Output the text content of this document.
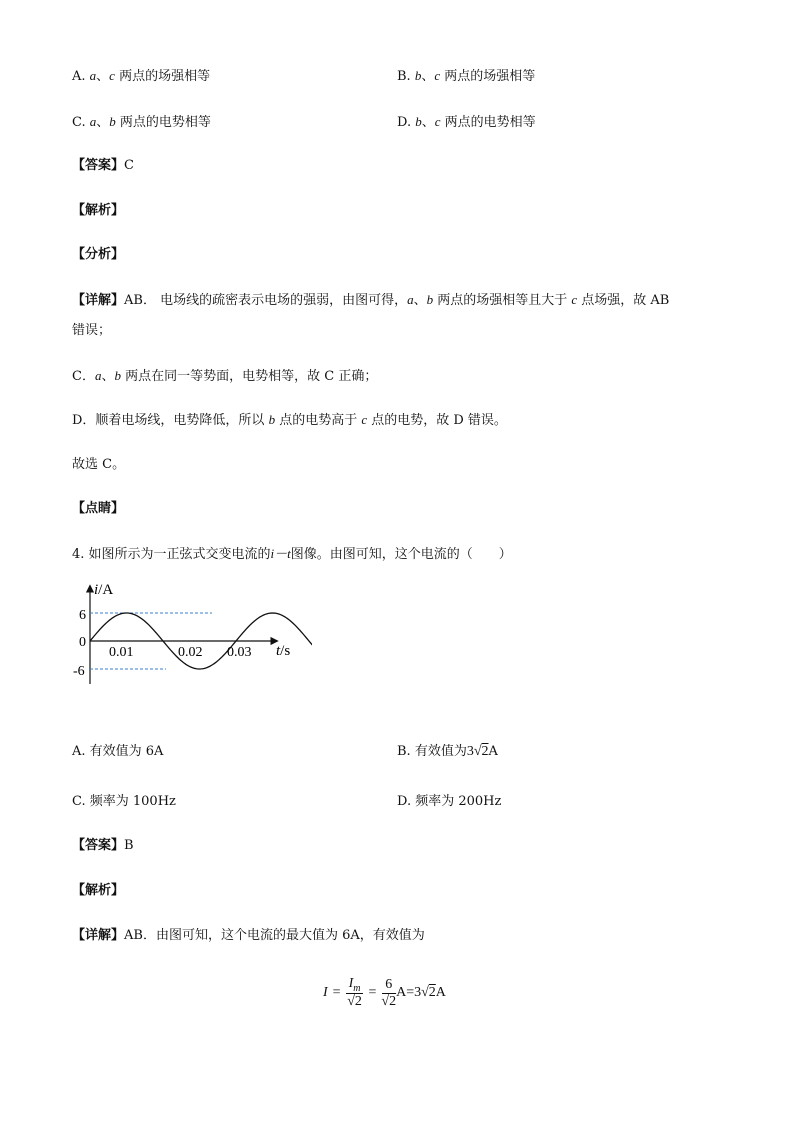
A. a、c 两点的场强相等	B. b、c 两点的场强相等
C. a、b 两点的电势相等	D. b、c 两点的电势相等
【答案】C
【解析】
【分析】
【详解】AB． 电场线的疏密表示电场的强弱，由图可得，a、b 两点的场强相等且大于 c 点场强，故 AB
错误；
C．a、b 两点在同一等势面，电势相等，故 C 正确；
D．顺着电场线，电势降低，所以 b 点的电势高于 c 点的电势，故 D 错误。
故选 C。
【点睛】
4. 如图所示为一正弦式交变电流的i－t图像。由图可知，这个电流的（　　）
i/A
t/s
6
0
-6
0.01	0.02 0.03
A. 有效值为 6A	B. 有效值为3√2A
C. 频率为 100Hz	D. 频率为 200Hz
【答案】B
【解析】
【详解】AB．由图可知，这个电流的最大值为 6A，有效值为
$I = \frac{I_m}{√2} = \frac{6}{√2} A=3$ √ 2 A
